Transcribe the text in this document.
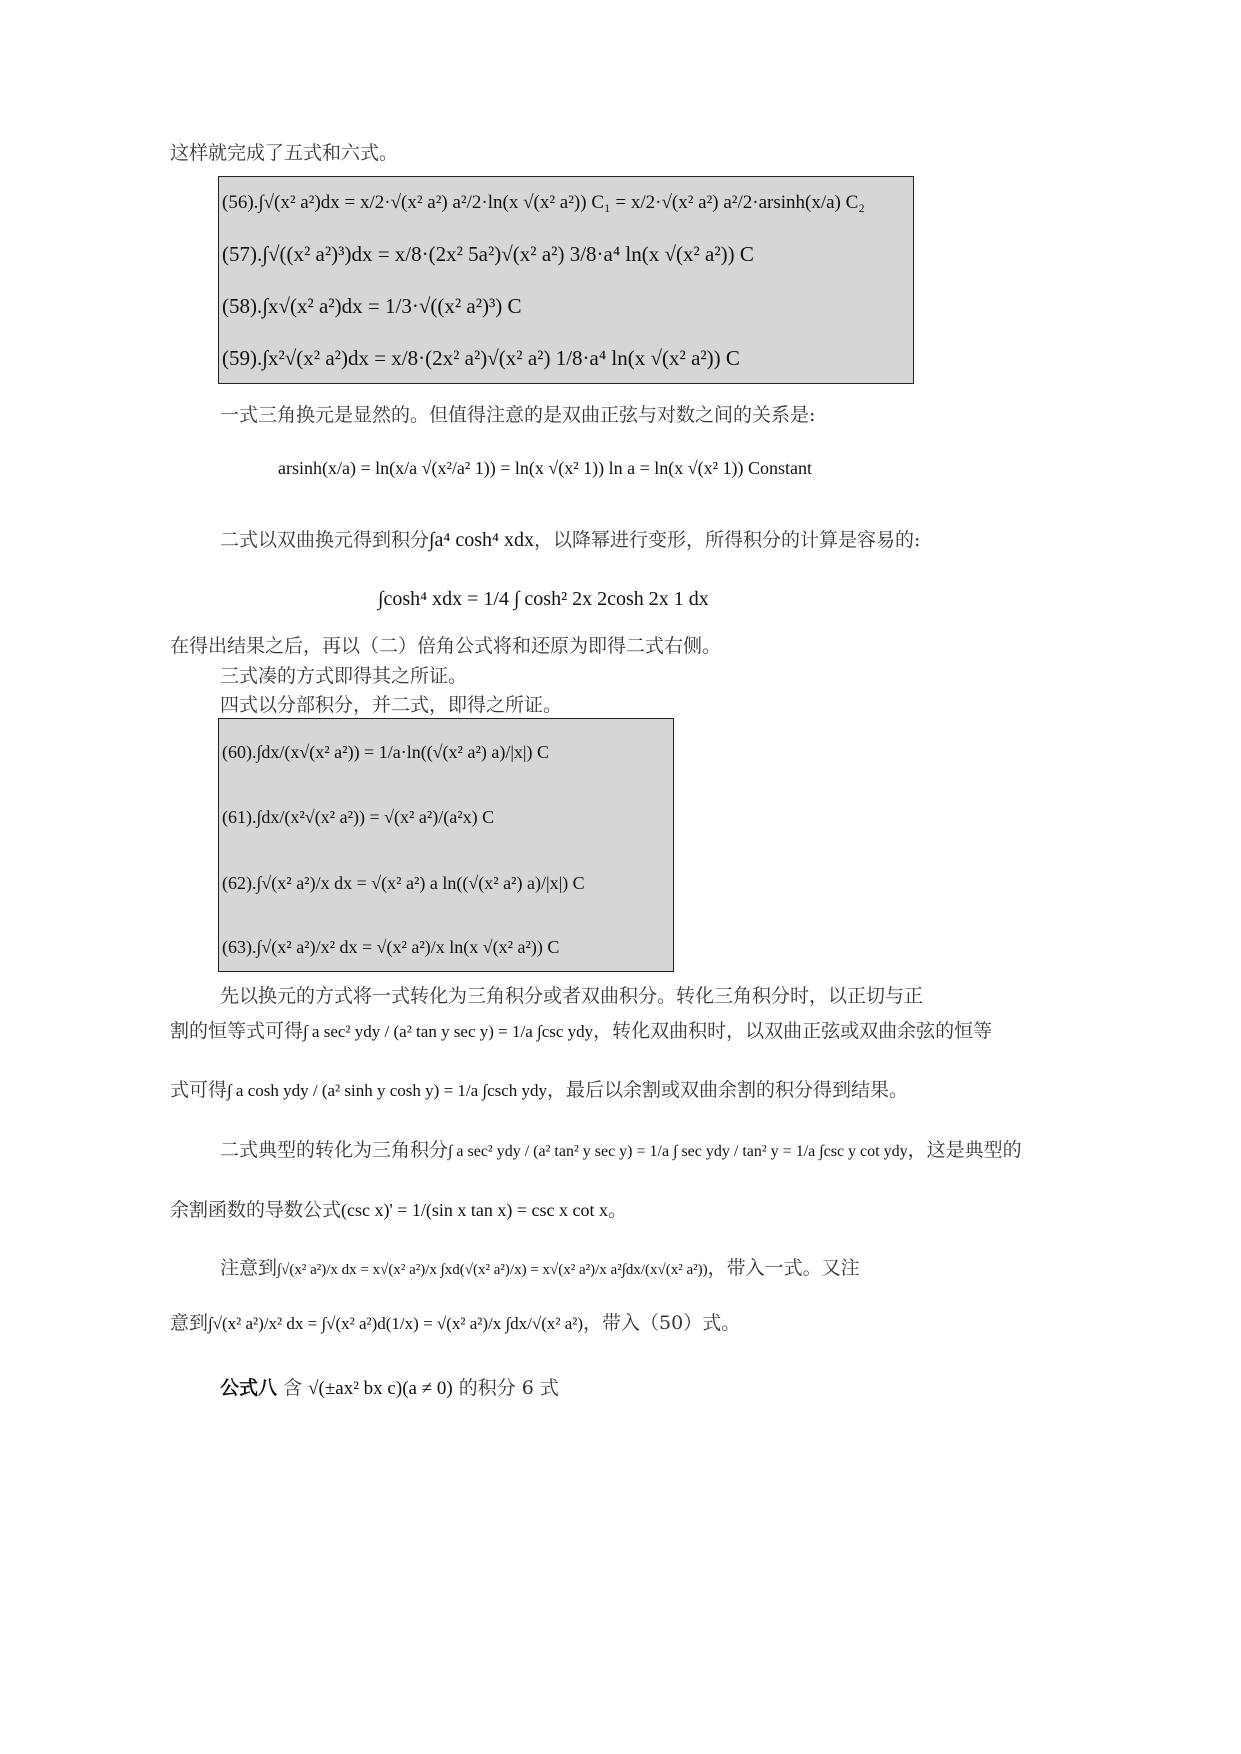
这样就完成了五式和六式。
(56).∫√(x² a²)dx = x/2·√(x² a²) a²/2·ln(x √(x² a²)) C₁ = x/2·√(x² a²) a²/2·arsinh(x/a) C₂
(57).∫√((x² a²)³)dx = x/8·(2x² 5a²)√(x² a²) 3/8·a⁴ ln(x √(x² a²)) C
(58).∫x√(x² a²)dx = 1/3·√((x² a²)³) C
(59).∫x²√(x² a²)dx = x/8·(2x² a²)√(x² a²) 1/8·a⁴ ln(x √(x² a²)) C
一式三角换元是显然的。但值得注意的是双曲正弦与对数之间的关系是:
arsinh(x/a) = ln(x/a √(x²/a² 1)) = ln(x √(x² 1)) ln a = ln(x √(x² 1)) Constant
二式以双曲换元得到积分∫a⁴ cosh⁴ xdx，以降幂进行变形，所得积分的计算是容易的:
∫cosh⁴ xdx = 1/4 ∫ cosh² 2x 2cosh 2x 1 dx
在得出结果之后，再以（二）倍角公式将和还原为即得二式右侧。
三式凑的方式即得其之所证。
四式以分部积分，并二式，即得之所证。
(60).∫dx/(x√(x² a²)) = 1/a·ln((√(x² a²) a)/|x|) C
(61).∫dx/(x²√(x² a²)) = √(x² a²)/(a²x) C
(62).∫√(x² a²)/x dx = √(x² a²) a ln((√(x² a²) a)/|x|) C
(63).∫√(x² a²)/x² dx = √(x² a²)/x ln(x √(x² a²)) C
先以换元的方式将一式转化为三角积分或者双曲积分。转化三角积分时，以正切与正
割的恒等式可得∫ a sec² ydy / (a² tan y sec y) = 1/a ∫csc ydy，转化双曲积时，以双曲正弦或双曲余弦的恒等
式可得∫ a cosh ydy / (a² sinh y cosh y) = 1/a ∫csch ydy，最后以余割或双曲余割的积分得到结果。
二式典型的转化为三角积分∫ a sec² ydy / (a² tan² y sec y) = 1/a ∫ sec ydy / tan² y = 1/a ∫csc y cot ydy，这是典型的
余割函数的导数公式(csc x)' = 1/(sin x tan x) = csc x cot x。
注意到∫√(x² a²)/x dx = x√(x² a²)/x ∫xd(√(x² a²)/x) = x√(x² a²)/x a²∫dx/(x√(x² a²))，带入一式。又注
意到∫√(x² a²)/x² dx = ∫√(x² a²)d(1/x) = √(x² a²)/x ∫dx/√(x² a²)，带入（50）式。
公式八 含 √(±ax² bx c)(a ≠ 0) 的积分 6 式
